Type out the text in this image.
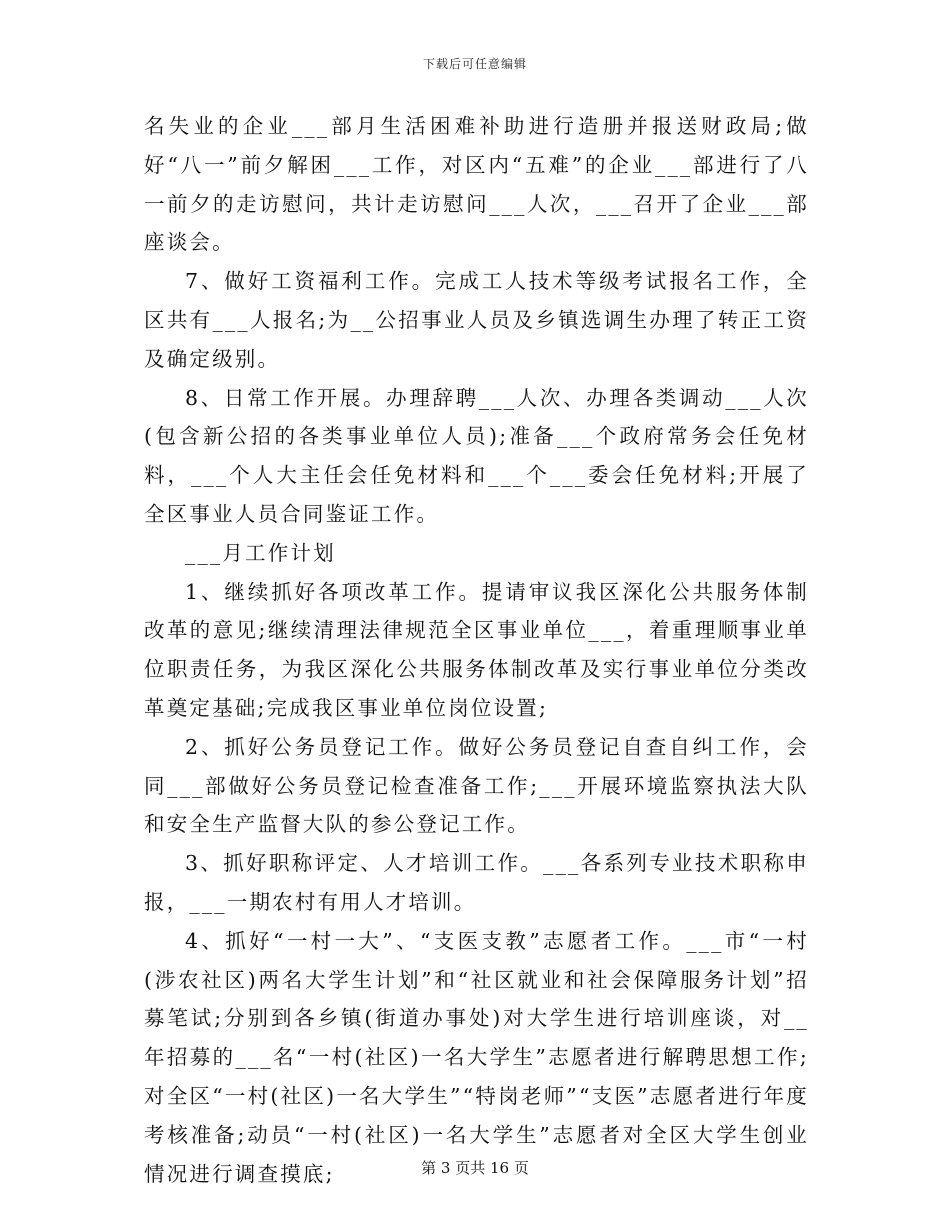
下载后可任意编辑

名失业的企业___部月生活困难补助进行造册并报送财政局;做好“八一”前夕解困___工作，对区内“五难”的企业___部进行了八一前夕的走访慰问，共计走访慰问___人次，___召开了企业___部座谈会。

7、做好工资福利工作。完成工人技术等级考试报名工作，全区共有___人报名;为__公招事业人员及乡镇选调生办理了转正工资及确定级别。

8、日常工作开展。办理辞聘___人次、办理各类调动___人次(包含新公招的各类事业单位人员);准备___个政府常务会任免材料，___个人大主任会任免材料和___个___委会任免材料;开展了全区事业人员合同鉴证工作。

___月工作计划

1、继续抓好各项改革工作。提请审议我区深化公共服务体制改革的意见;继续清理法律规范全区事业单位___，着重理顺事业单位职责任务，为我区深化公共服务体制改革及实行事业单位分类改革奠定基础;完成我区事业单位岗位设置;

2、抓好公务员登记工作。做好公务员登记自查自纠工作，会同___部做好公务员登记检查准备工作;___开展环境监察执法大队和安全生产监督大队的参公登记工作。

3、抓好职称评定、人才培训工作。___各系列专业技术职称申报，___一期农村有用人才培训。

4、抓好“一村一大”、“支医支教”志愿者工作。___市“一村(涉农社区)两名大学生计划”和“社区就业和社会保障服务计划”招募笔试;分别到各乡镇(街道办事处)对大学生进行培训座谈，对__年招募的___名“一村(社区)一名大学生”志愿者进行解聘思想工作;对全区“一村(社区)一名大学生”“特岗老师”“支医”志愿者进行年度考核准备;动员“一村(社区)一名大学生”志愿者对全区大学生创业情况进行调查摸底;	第 3 页共 16 页
